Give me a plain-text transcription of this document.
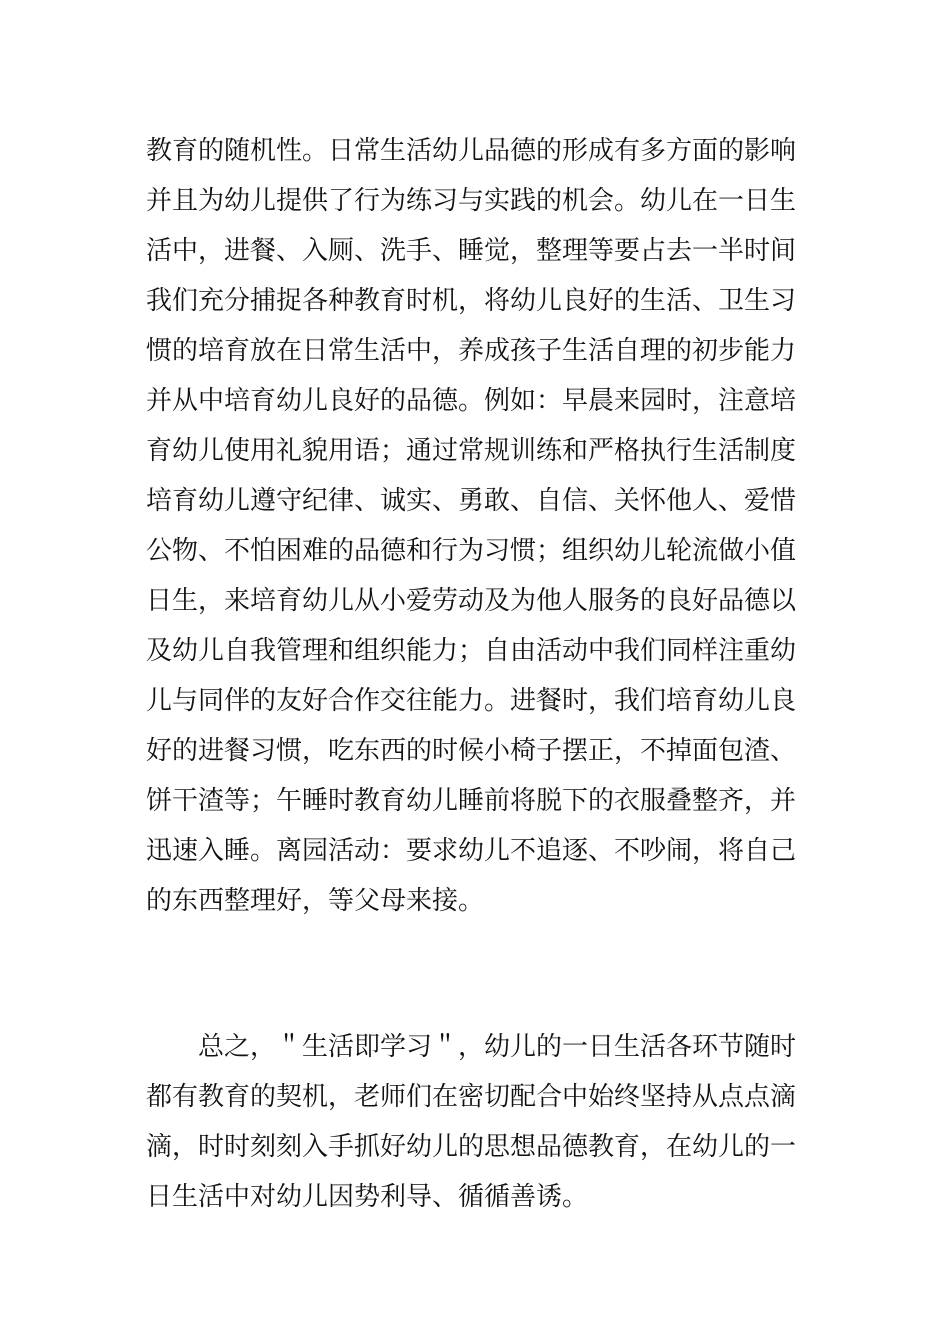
教育的随机性。日常生活幼儿品德的形成有多方面的影响
并且为幼儿提供了行为练习与实践的机会。幼儿在一日生
活中，进餐、入厕、洗手、睡觉，整理等要占去一半时间
我们充分捕捉各种教育时机，将幼儿良好的生活、卫生习
惯的培育放在日常生活中，养成孩子生活自理的初步能力
并从中培育幼儿良好的品德。例如：早晨来园时，注意培
育幼儿使用礼貌用语；通过常规训练和严格执行生活制度
培育幼儿遵守纪律、诚实、勇敢、自信、关怀他人、爱惜
公物、不怕困难的品德和行为习惯；组织幼儿轮流做小值
日生，来培育幼儿从小爱劳动及为他人服务的良好品德以
及幼儿自我管理和组织能力；自由活动中我们同样注重幼
儿与同伴的友好合作交往能力。进餐时，我们培育幼儿良
好的进餐习惯，吃东西的时候小椅子摆正，不掉面包渣、
饼干渣等；午睡时教育幼儿睡前将脱下的衣服叠整齐，并
迅速入睡。离园活动：要求幼儿不追逐、不吵闹，将自己
的东西整理好，等父母来接。

总之，＂生活即学习＂，幼儿的一日生活各环节随时
都有教育的契机，老师们在密切配合中始终坚持从点点滴
滴，时时刻刻入手抓好幼儿的思想品德教育，在幼儿的一
日生活中对幼儿因势利导、循循善诱。
